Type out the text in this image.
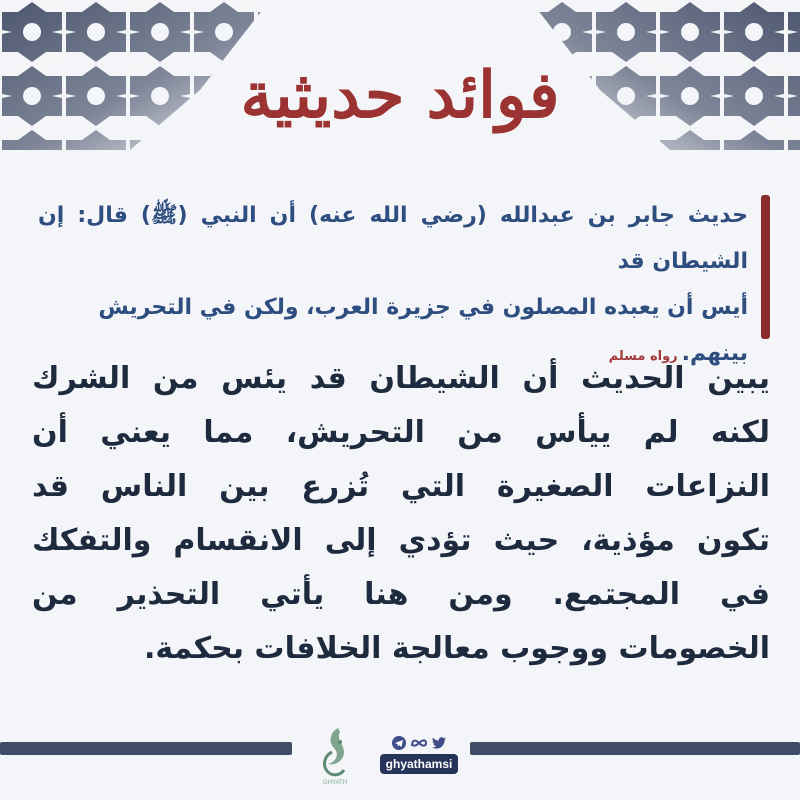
فوائد حديثية
حديث جابر بن عبدالله (رضي الله عنه) أن النبي (ﷺ) قال: إن الشيطان قد
أيس أن يعبده المصلون في جزيرة العرب، ولكن في التحريش
بينهم.رواه مسلم
يبين الحديث أن الشيطان قد يئس من الشرك
لكنه لم ييأس من التحريش، مما يعني أن
النزاعات الصغيرة التي تُزرع بين الناس قد
تكون مؤذية، حيث تؤدي إلى الانقسام والتفكك
في المجتمع. ومن هنا يأتي التحذير من
الخصومات ووجوب معالجة الخلافات بحكمة.
GHYATH
ghyathamsi
